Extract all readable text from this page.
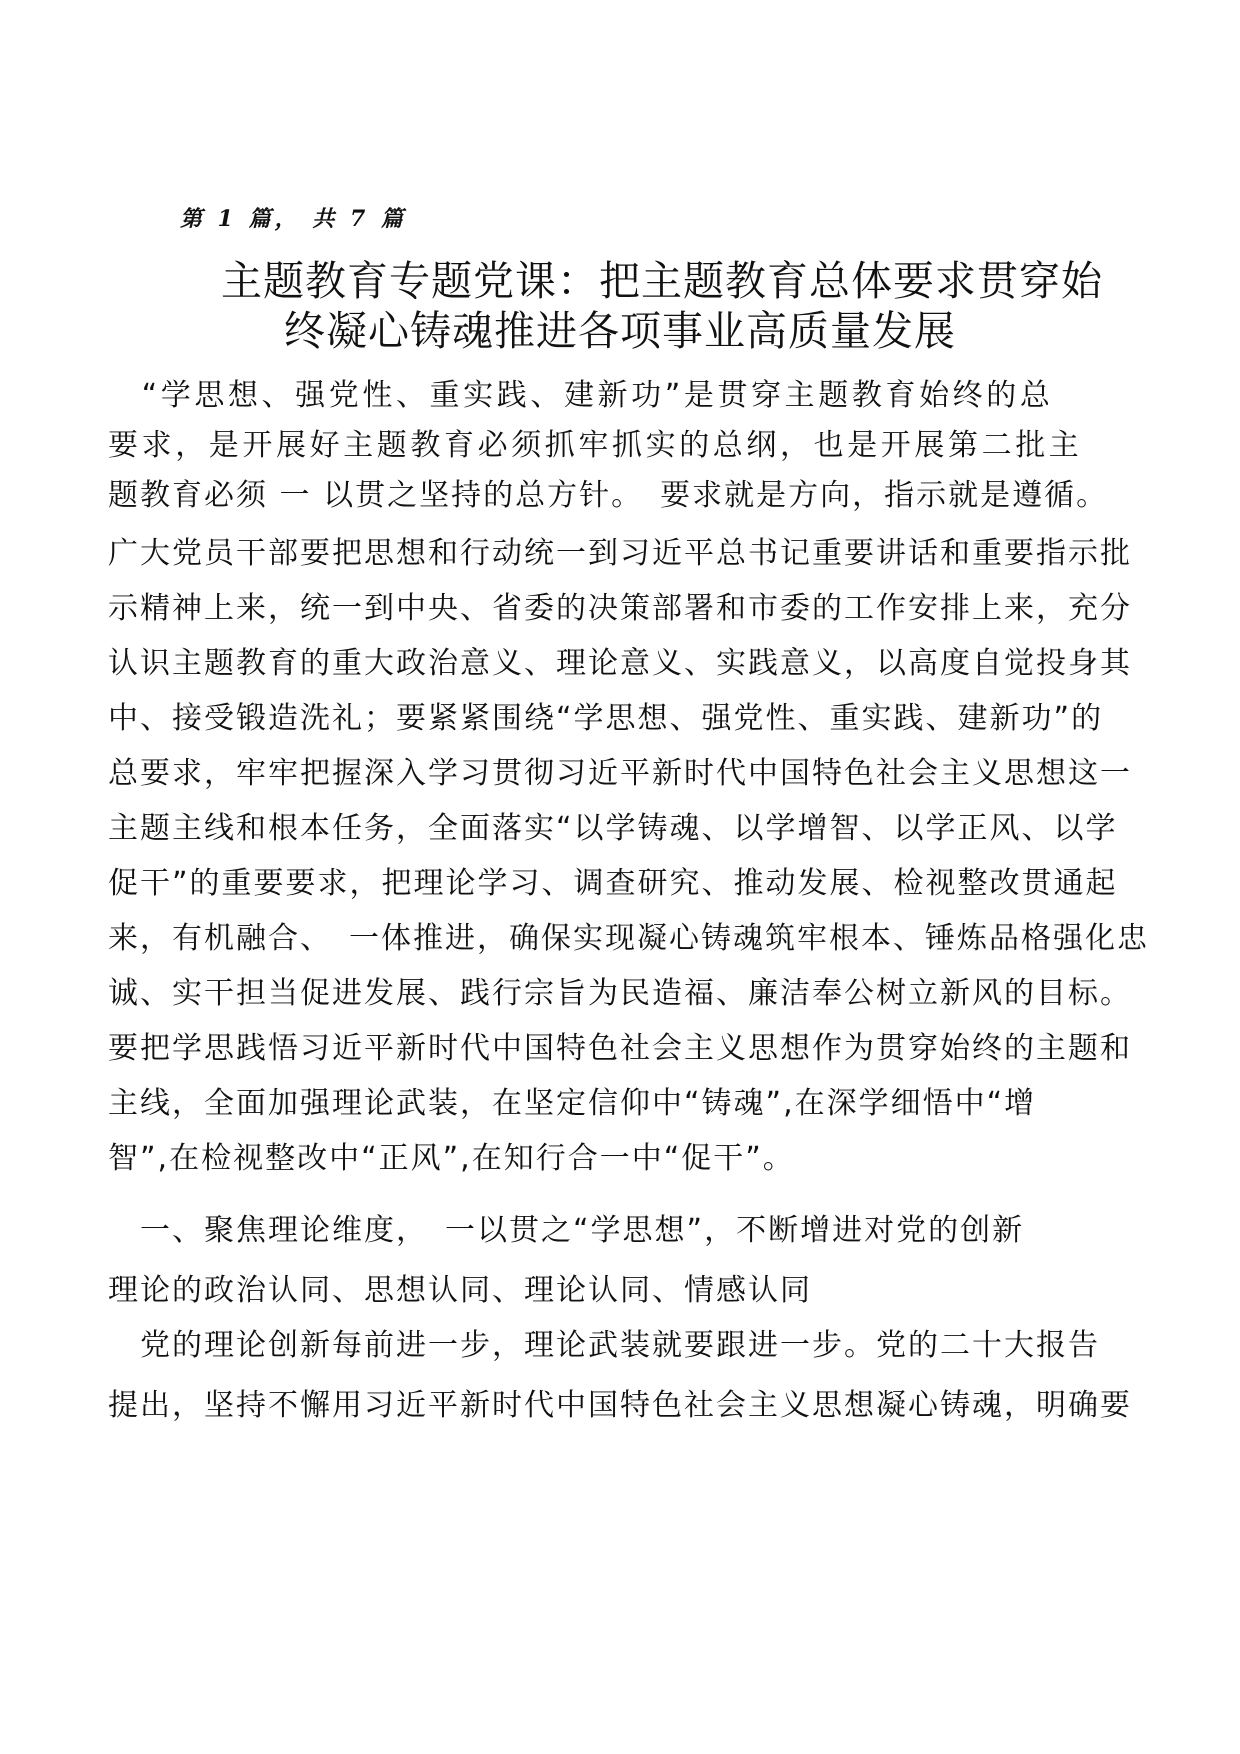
第 1 篇， 共 7 篇
主题教育专题党课：把主题教育总体要求贯穿始
终凝心铸魂推进各项事业高质量发展
　“学思想、强党性、重实践、建新功”是贯穿主题教育始终的总
要求，是开展好主题教育必须抓牢抓实的总纲，也是开展第二批主
题教育必须 一 以贯之坚持的总方针。　要求就是方向，指示就是遵循。
广大党员干部要把思想和行动统一到习近平总书记重要讲话和重要指示批
示精神上来，统一到中央、省委的决策部署和市委的工作安排上来，充分
认识主题教育的重大政治意义、理论意义、实践意义，以高度自觉投身其
中、接受锻造洗礼；要紧紧围绕“学思想、强党性、重实践、建新功”的
总要求，牢牢把握深入学习贯彻习近平新时代中国特色社会主义思想这一
主题主线和根本任务，全面落实“以学铸魂、以学增智、以学正风、以学
促干”的重要要求，把理论学习、调查研究、推动发展、检视整改贯通起
来，有机融合、　一体推进，确保实现凝心铸魂筑牢根本、锤炼品格强化忠
诚、实干担当促进发展、践行宗旨为民造福、廉洁奉公树立新风的目标。
要把学思践悟习近平新时代中国特色社会主义思想作为贯穿始终的主题和
主线，全面加强理论武装，在坚定信仰中“铸魂”,在深学细悟中“增
智”,在检视整改中“正风”,在知行合一中“促干”。
　一、聚焦理论维度，　一以贯之“学思想”，不断增进对党的创新
理论的政治认同、思想认同、理论认同、情感认同
　党的理论创新每前进一步，理论武装就要跟进一步。党的二十大报告
提出，坚持不懈用习近平新时代中国特色社会主义思想凝心铸魂，明确要
